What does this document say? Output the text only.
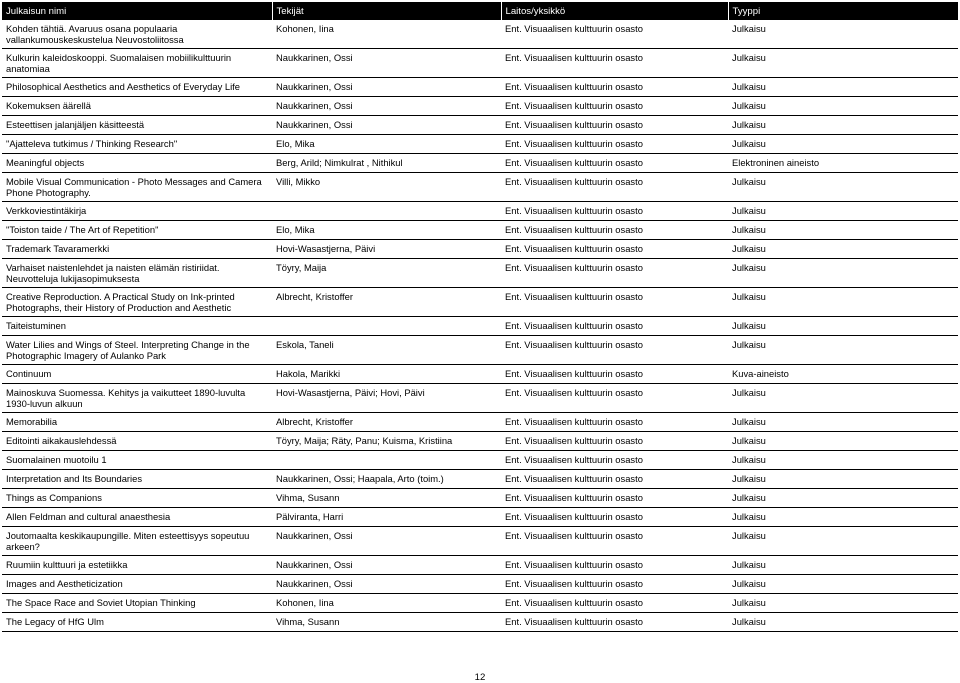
Julkaisun nimi	Tekijät	Laitos/yksikkö	Tyyppi
Kohden tähtiä. Avaruus osana populaaria vallankumouskeskustelua Neuvostoliitossa	Kohonen, Iina	Ent. Visuaalisen kulttuurin osasto	Julkaisu
Kulkurin kaleidoskooppi. Suomalaisen mobiilikulttuurin anatomiaa	Naukkarinen, Ossi	Ent. Visuaalisen kulttuurin osasto	Julkaisu
Philosophical Aesthetics and Aesthetics of Everyday Life	Naukkarinen, Ossi	Ent. Visuaalisen kulttuurin osasto	Julkaisu
Kokemuksen äärellä	Naukkarinen, Ossi	Ent. Visuaalisen kulttuurin osasto	Julkaisu
Esteettisen jalanjäljen käsitteestä	Naukkarinen, Ossi	Ent. Visuaalisen kulttuurin osasto	Julkaisu
"Ajatteleva tutkimus / Thinking Research"	Elo, Mika	Ent. Visuaalisen kulttuurin osasto	Julkaisu
Meaningful objects	Berg, Arild; Nimkulrat , Nithikul	Ent. Visuaalisen kulttuurin osasto	Elektroninen aineisto
Mobile Visual Communication - Photo Messages and Camera Phone Photography.	Villi, Mikko	Ent. Visuaalisen kulttuurin osasto	Julkaisu
Verkkoviestintäkirja		Ent. Visuaalisen kulttuurin osasto	Julkaisu
"Toiston taide / The Art of Repetition"	Elo, Mika	Ent. Visuaalisen kulttuurin osasto	Julkaisu
Trademark Tavaramerkki	Hovi-Wasastjerna, Päivi	Ent. Visuaalisen kulttuurin osasto	Julkaisu
Varhaiset naistenlehdet ja naisten elämän ristiriidat. Neuvotteluja lukijasopimuksesta	Töyry, Maija	Ent. Visuaalisen kulttuurin osasto	Julkaisu
Creative Reproduction. A Practical Study on Ink-printed Photographs, their History of Production and Aesthetic	Albrecht, Kristoffer	Ent. Visuaalisen kulttuurin osasto	Julkaisu
Taiteistuminen		Ent. Visuaalisen kulttuurin osasto	Julkaisu
Water Lilies and Wings of Steel. Interpreting Change in the Photographic Imagery of Aulanko Park	Eskola, Taneli	Ent. Visuaalisen kulttuurin osasto	Julkaisu
Continuum	Hakola, Marikki	Ent. Visuaalisen kulttuurin osasto	Kuva-aineisto
Mainoskuva Suomessa. Kehitys ja vaikutteet 1890-luvulta 1930-luvun alkuun	Hovi-Wasastjerna, Päivi; Hovi, Päivi	Ent. Visuaalisen kulttuurin osasto	Julkaisu
Memorabilia	Albrecht, Kristoffer	Ent. Visuaalisen kulttuurin osasto	Julkaisu
Editointi aikakauslehdessä	Töyry, Maija; Räty, Panu; Kuisma, Kristiina	Ent. Visuaalisen kulttuurin osasto	Julkaisu
Suomalainen muotoilu 1		Ent. Visuaalisen kulttuurin osasto	Julkaisu
Interpretation and Its Boundaries	Naukkarinen, Ossi; Haapala, Arto (toim.)	Ent. Visuaalisen kulttuurin osasto	Julkaisu
Things as Companions	Vihma, Susann	Ent. Visuaalisen kulttuurin osasto	Julkaisu
Allen Feldman and cultural anaesthesia	Pälviranta, Harri	Ent. Visuaalisen kulttuurin osasto	Julkaisu
Joutomaalta keskikaupungille. Miten esteettisyys sopeutuu arkeen?	Naukkarinen, Ossi	Ent. Visuaalisen kulttuurin osasto	Julkaisu
Ruumiin kulttuuri ja estetiikka	Naukkarinen, Ossi	Ent. Visuaalisen kulttuurin osasto	Julkaisu
Images and Aestheticization	Naukkarinen, Ossi	Ent. Visuaalisen kulttuurin osasto	Julkaisu
The Space Race and Soviet Utopian Thinking	Kohonen, Iina	Ent. Visuaalisen kulttuurin osasto	Julkaisu
The Legacy of HfG Ulm	Vihma, Susann	Ent. Visuaalisen kulttuurin osasto	Julkaisu
12
